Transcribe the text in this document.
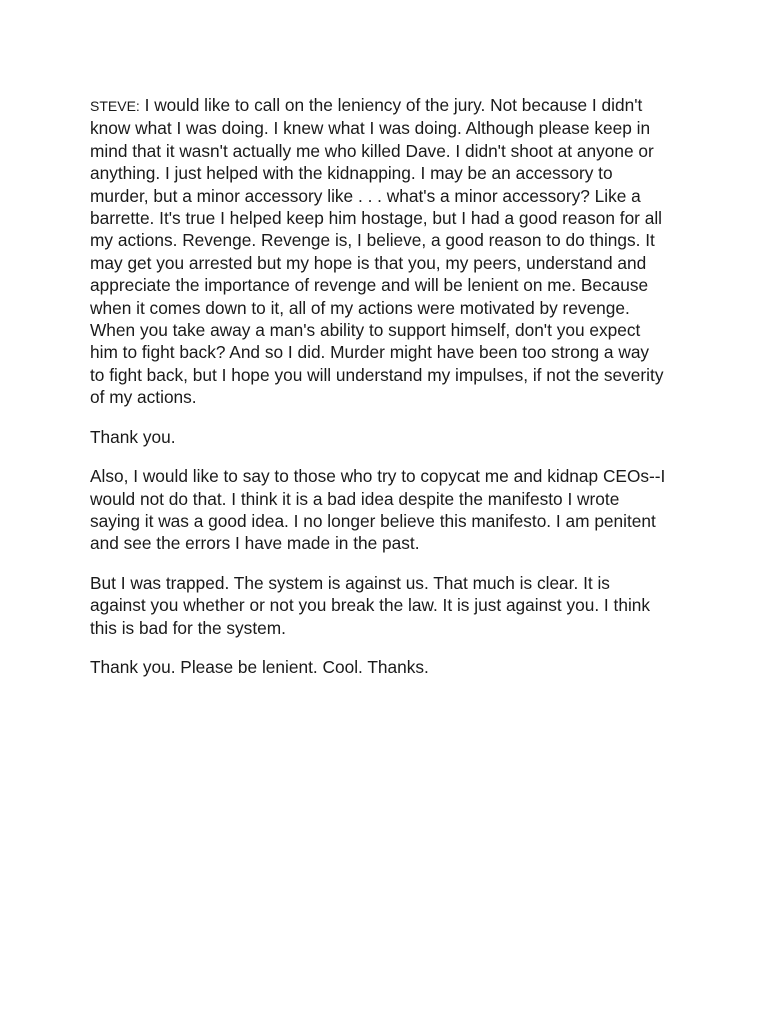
STEVE: I would like to call on the leniency of the jury. Not because I didn't
know what I was doing. I knew what I was doing. Although please keep in
mind that it wasn't actually me who killed Dave. I didn't shoot at anyone or
anything. I just helped with the kidnapping. I may be an accessory to
murder, but a minor accessory like . . . what's a minor accessory? Like a
barrette. It's true I helped keep him hostage, but I had a good reason for all
my actions. Revenge. Revenge is, I believe, a good reason to do things. It
may get you arrested but my hope is that you, my peers, understand and
appreciate the importance of revenge and will be lenient on me. Because
when it comes down to it, all of my actions were motivated by revenge.
When you take away a man's ability to support himself, don't you expect
him to fight back? And so I did. Murder might have been too strong a way
to fight back, but I hope you will understand my impulses, if not the severity
of my actions.

Thank you.

Also, I would like to say to those who try to copycat me and kidnap CEOs--I
would not do that. I think it is a bad idea despite the manifesto I wrote
saying it was a good idea. I no longer believe this manifesto. I am penitent
and see the errors I have made in the past.

But I was trapped. The system is against us. That much is clear. It is
against you whether or not you break the law. It is just against you. I think
this is bad for the system.

Thank you. Please be lenient. Cool. Thanks.
